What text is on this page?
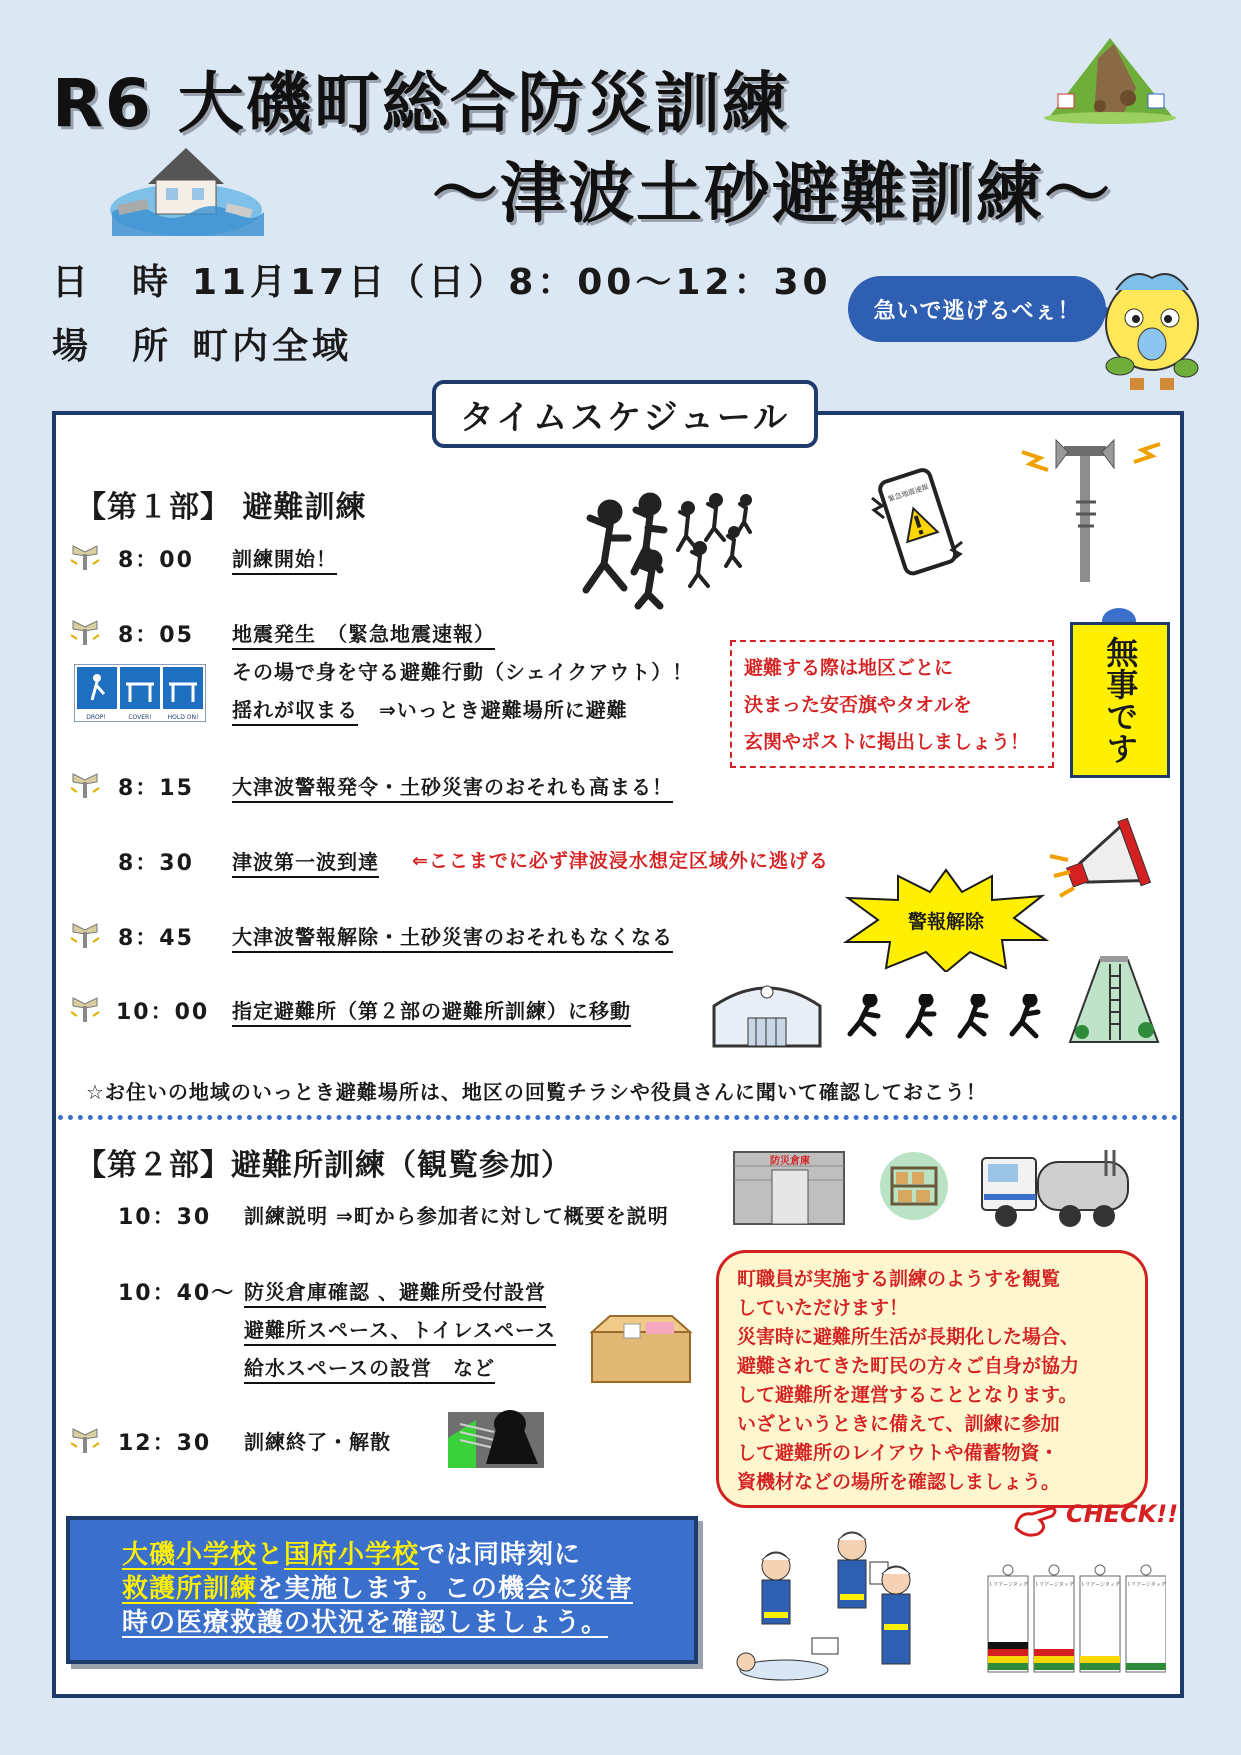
R6 大磯町総合防災訓練
〜津波土砂避難訓練〜
日　時 11月17日（日）8：00〜12：30
場　所 町内全域
急いで逃げるべぇ！
タイムスケジュール
【第１部】 避難訓練
8：00 訓練開始！
8：05 地震発生　（緊急地震速報）
その場で身を守る避難行動（シェイクアウト）！
揺れが収まる　 ⇒いっとき避難場所に避難
DROP!	COVER!	HOLD ON!
8：15 大津波警報発令・土砂災害のおそれも高まる！
8：30 津波第一波到達 ⇐ここまでに必ず津波浸水想定区域外に逃げる
8：45 大津波警報解除・土砂災害のおそれもなくなる
10：00 指定避難所（第２部の避難所訓練）に移動
緊急地震速報
無事です
避難する際は地区ごとに
決まった安否旗やタオルを
玄関やポストに掲出しましょう！
警報解除
☆お住いの地域のいっとき避難場所は、地区の回覧チラシや役員さんに聞いて確認しておこう！
【第２部】避難所訓練（観覧参加）
10：30 訓練説明 ⇒町から参加者に対して概要を説明
10：40〜 防災倉庫確認 、避難所受付設営
避難所スペース、トイレスペース
給水スペースの設営　など
12：30 訓練終了・解散
防災倉庫
町職員が実施する訓練のようすを観覧
していただけます！
災害時に避難所生活が長期化した場合、
避難されてきた町民の方々ご自身が協力
して避難所を運営することとなります。
いざというときに備えて、訓練に参加
して避難所のレイアウトや備蓄物資・
資機材などの場所を確認しましょう。
CHECK!!
大磯小学校と国府小学校では同時刻に
救護所訓練を実施します。この機会に災害
時の医療救護の状況を確認しましょう。
トリアージタッグ トリアージタッグ トリアージタッグ トリアージタッグ
